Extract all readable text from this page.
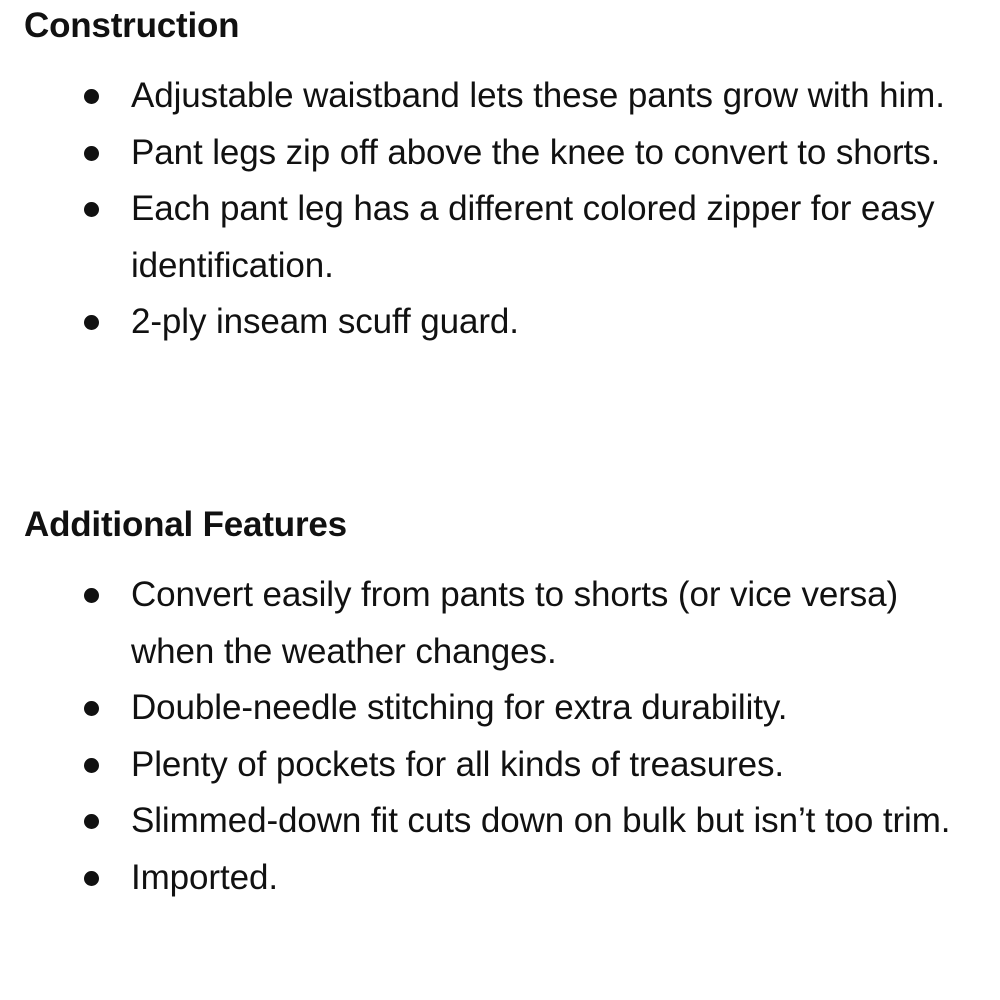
Construction
Adjustable waistband lets these pants grow with him.
Pant legs zip off above the knee to convert to shorts.
Each pant leg has a different colored zipper for easy identification.
2-ply inseam scuff guard.
Additional Features
Convert easily from pants to shorts (or vice versa) when the weather changes.
Double-needle stitching for extra durability.
Plenty of pockets for all kinds of treasures.
Slimmed-down fit cuts down on bulk but isn’t too trim.
Imported.
